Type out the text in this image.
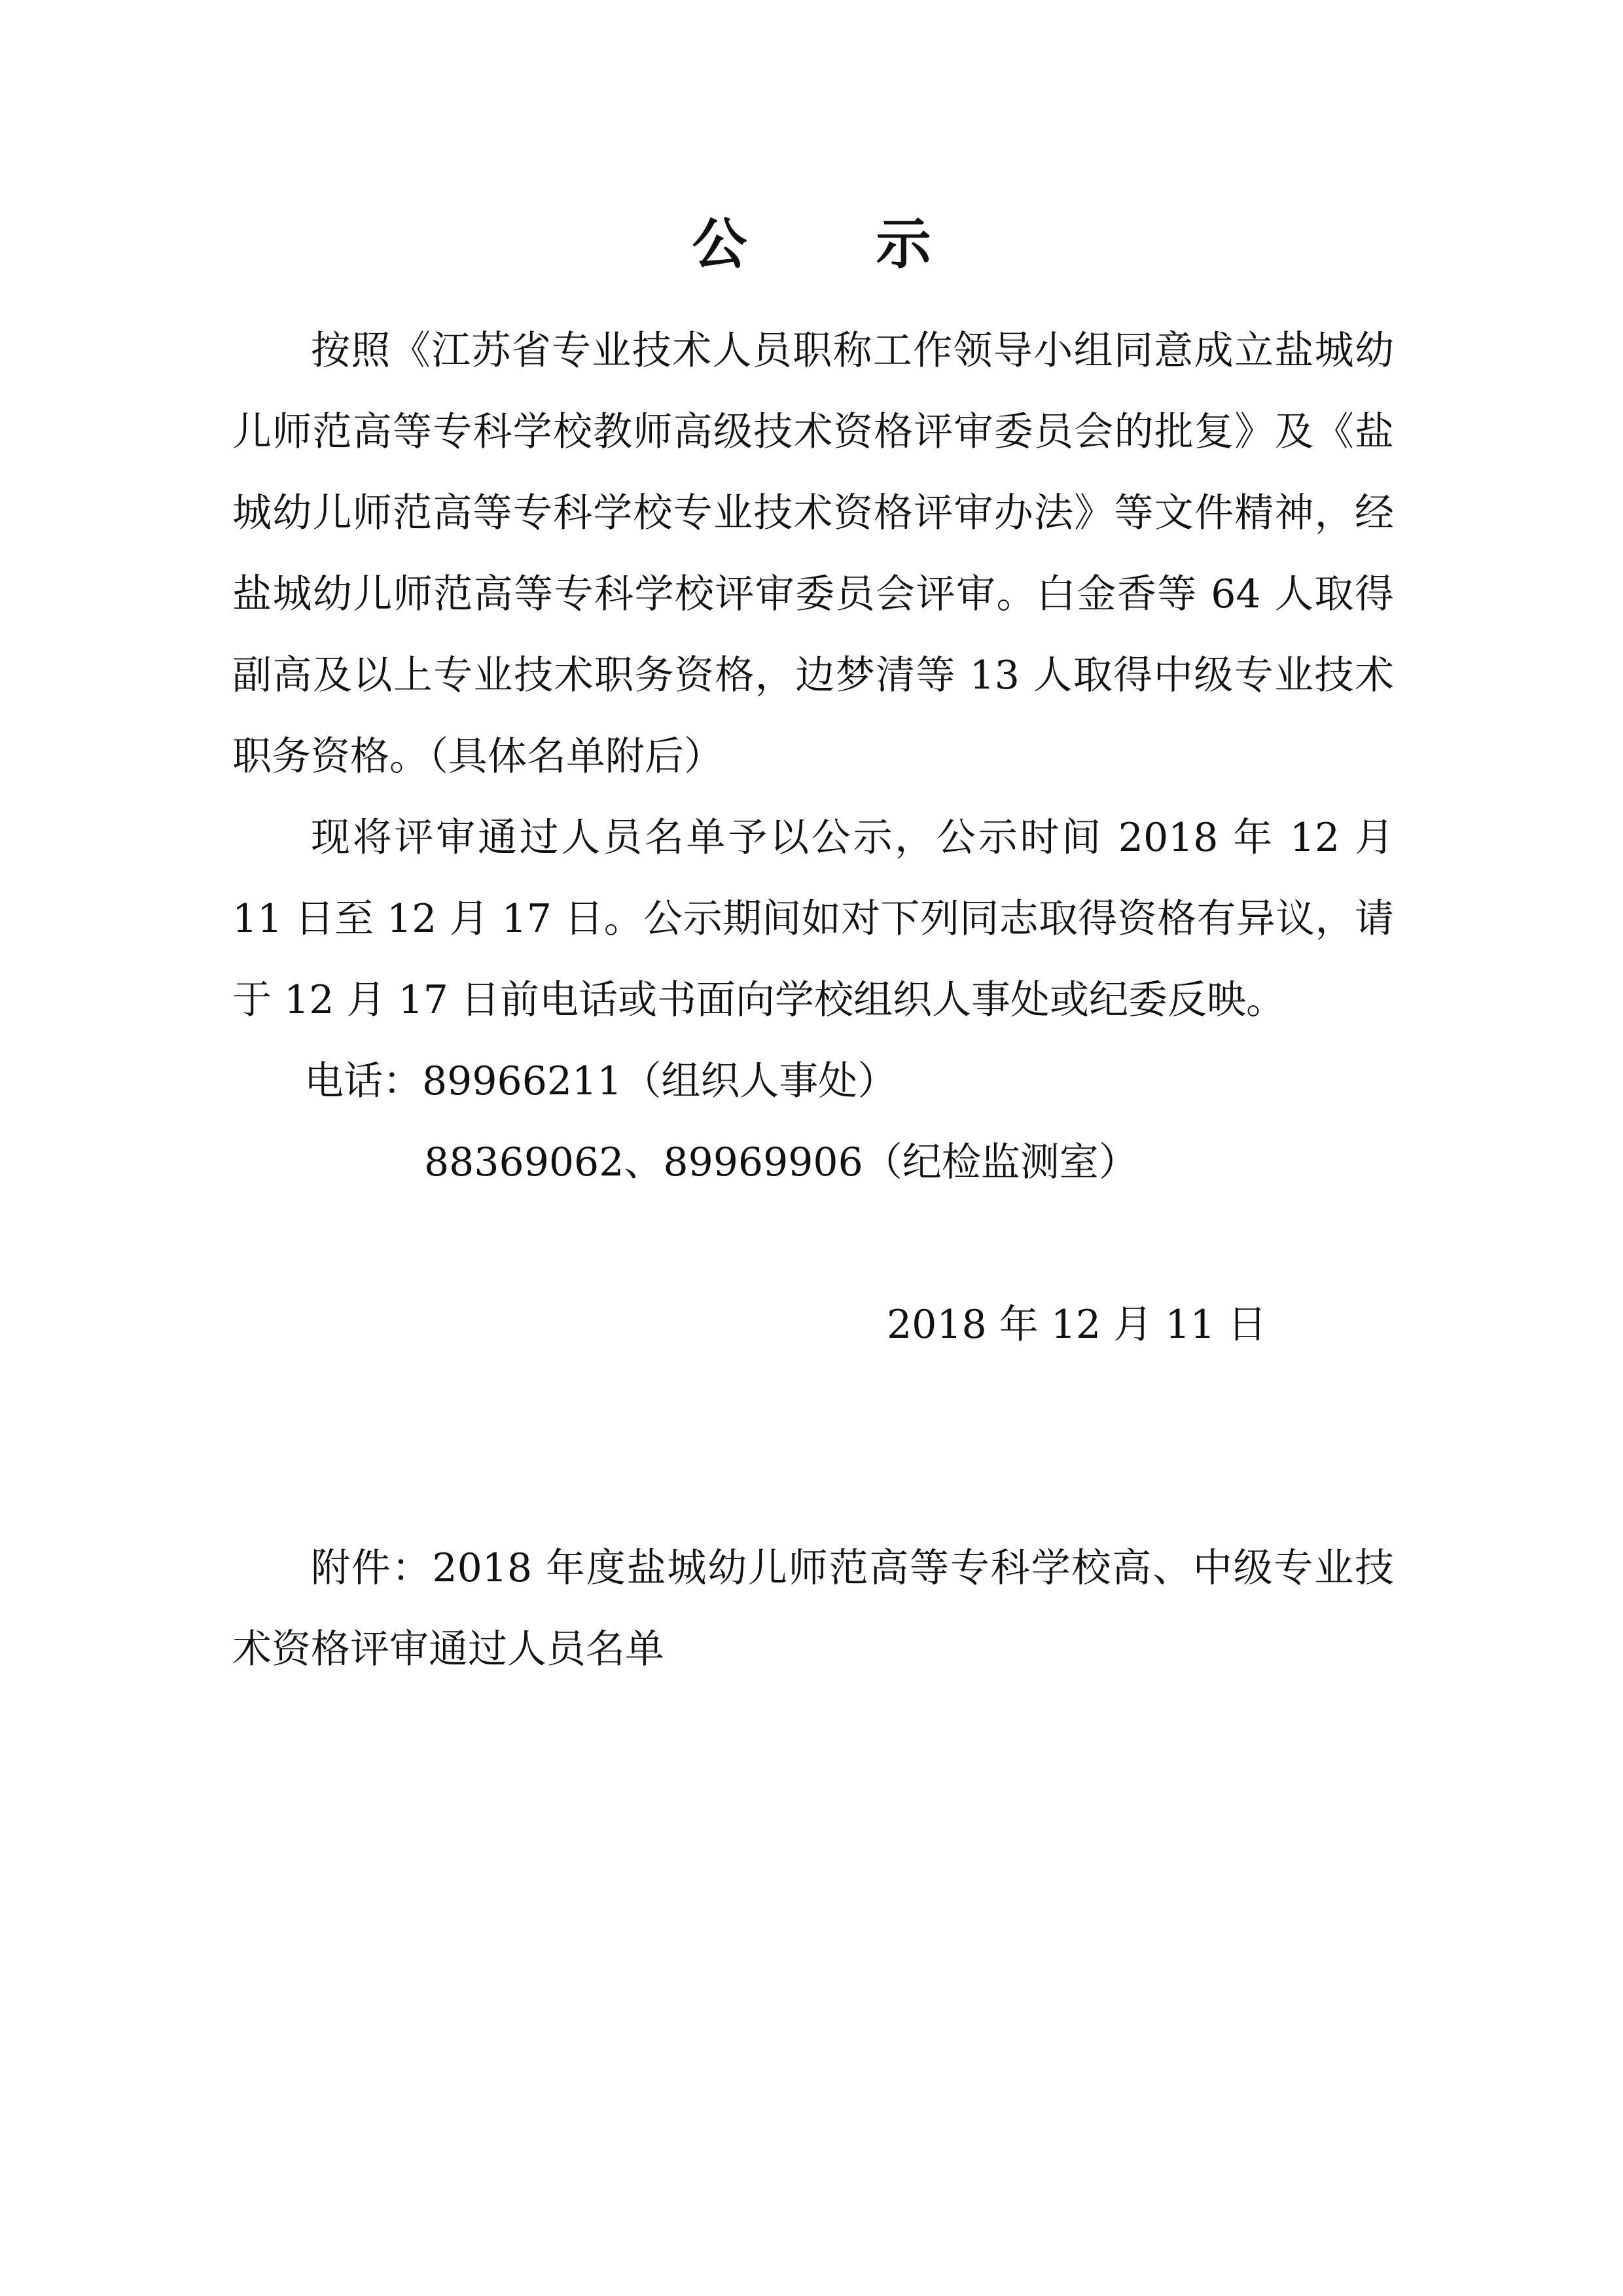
公 示

按照《江苏省专业技术人员职称工作领导小组同意成立盐城幼儿师范高等专科学校教师高级技术资格评审委员会的批复》及《盐城幼儿师范高等专科学校专业技术资格评审办法》等文件精神，经盐城幼儿师范高等专科学校评审委员会评审。白金香等 64 人取得副高及以上专业技术职务资格，边梦清等 13 人取得中级专业技术职务资格。（具体名单附后）

现将评审通过人员名单予以公示，公示时间 2018 年 12 月 11 日至 12 月 17 日。公示期间如对下列同志取得资格有异议，请于 12 月 17 日前电话或书面向学校组织人事处或纪委反映。

电话：89966211（组织人事处）

88369062、89969906（纪检监测室）

2018 年 12 月 11 日

附件：2018 年度盐城幼儿师范高等专科学校高、中级专业技术资格评审通过人员名单
